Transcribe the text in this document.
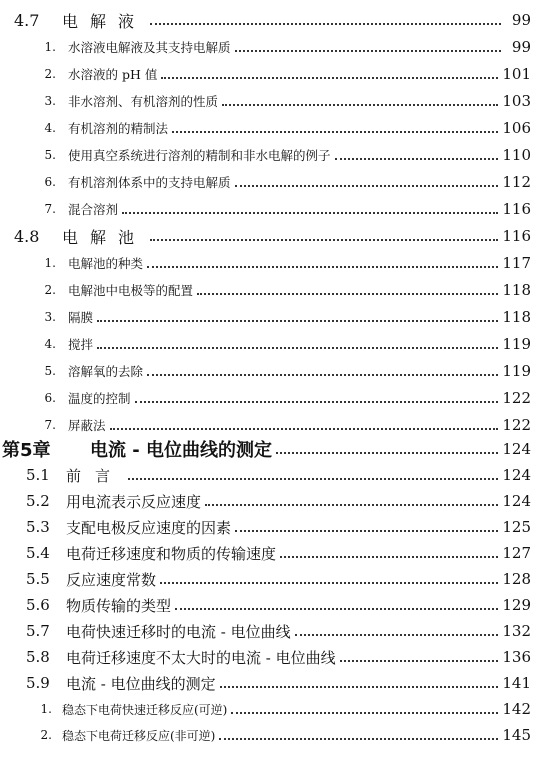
4.7	电解液	99
1. 水溶液电解液及其支持电解质	99
2. 水溶液的 pH 值	101
3. 非水溶剂、有机溶剂的性质	103
4. 有机溶剂的精制法	106
5. 使用真空系统进行溶剂的精制和非水电解的例子	110
6. 有机溶剂体系中的支持电解质	112
7. 混合溶剂	116
4.8	电解池	116
1. 电解池的种类	117
2. 电解池中电极等的配置	118
3. 隔膜	118
4. 搅拌	119
5. 溶解氧的去除	119
6. 温度的控制	122
7. 屏蔽法	122
第5章	电流 - 电位曲线的测定	124
5.1	前言	124
5.2	用电流表示反应速度	124
5.3	支配电极反应速度的因素	125
5.4	电荷迁移速度和物质的传输速度	127
5.5	反应速度常数	128
5.6	物质传输的类型	129
5.7	电荷快速迁移时的电流 - 电位曲线	132
5.8	电荷迁移速度不太大时的电流 - 电位曲线	136
5.9	电流 - 电位曲线的测定	141
1. 稳态下电荷快速迁移反应(可逆)	142
2. 稳态下电荷迁移反应(非可逆)	145
